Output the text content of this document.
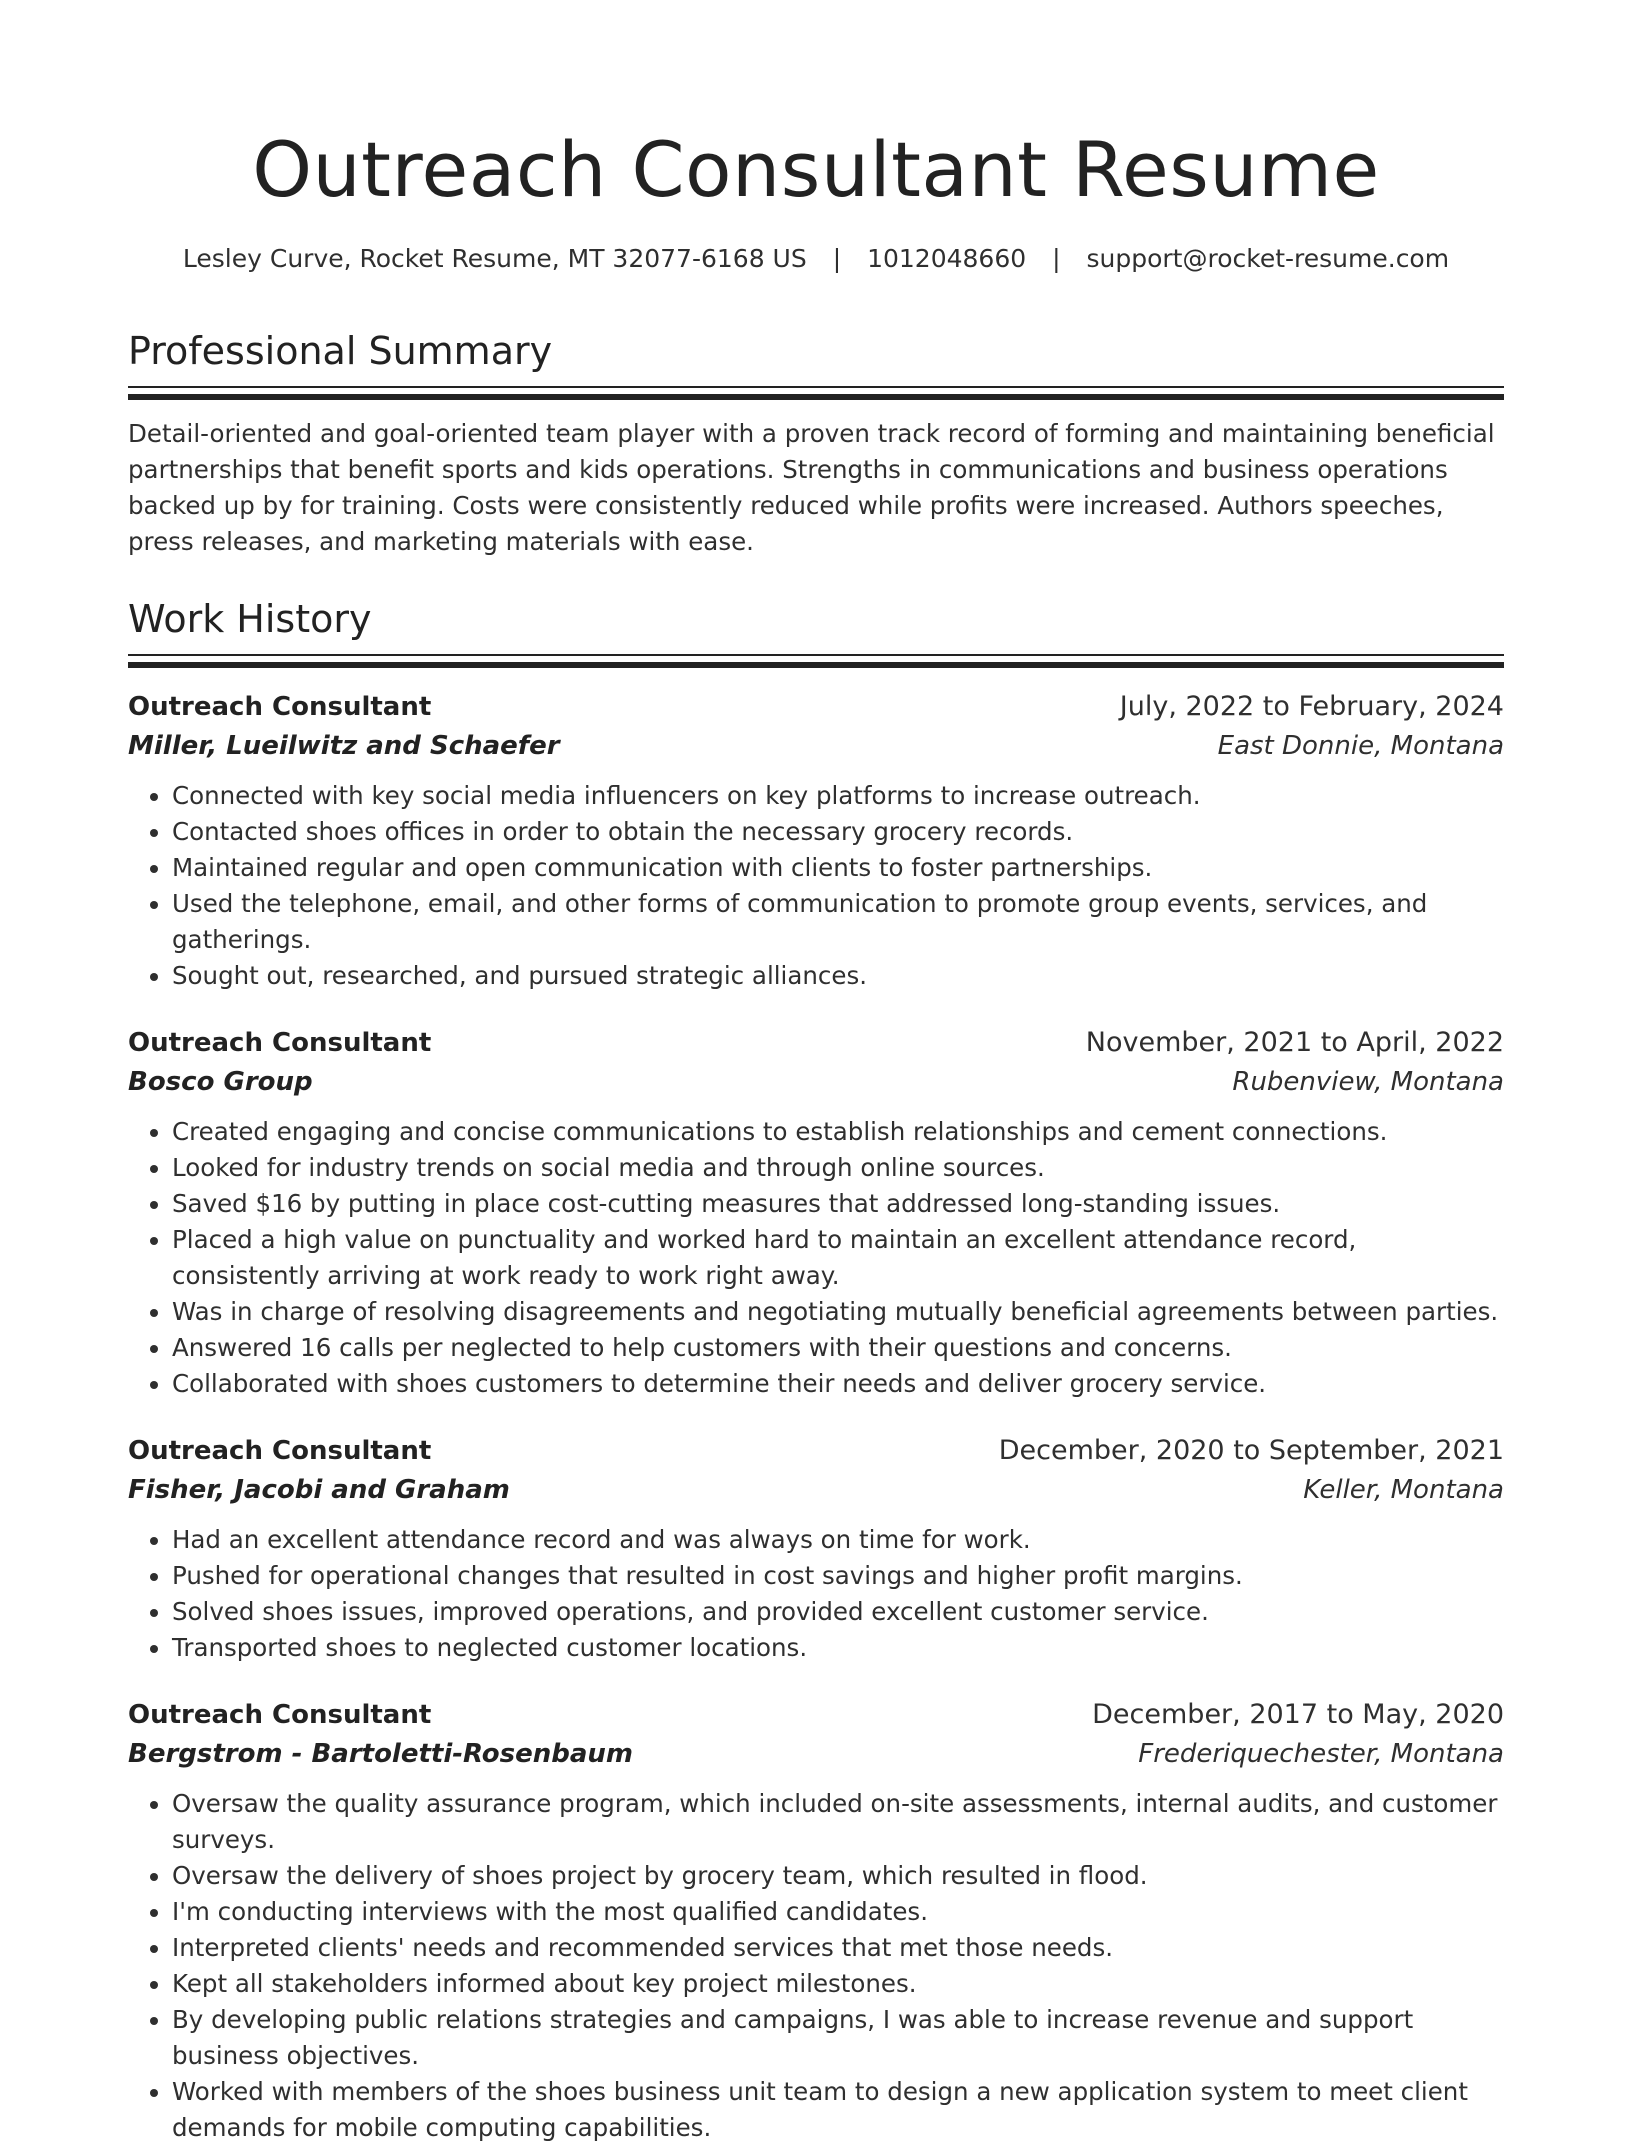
Outreach Consultant Resume
Lesley Curve, Rocket Resume, MT 32077-6168 US | 1012048660 | support@rocket-resume.com
Professional Summary

Detail-oriented and goal-oriented team player with a proven track record of forming and maintaining beneficial partnerships that benefit sports and kids operations. Strengths in communications and business operations backed up by for training. Costs were consistently reduced while profits were increased. Authors speeches, press releases, and marketing materials with ease.

Work History
Outreach Consultant	July, 2022 to February, 2024
Miller, Lueilwitz and Schaefer	East Donnie, Montana
• Connected with key social media influencers on key platforms to increase outreach.
• Contacted shoes offices in order to obtain the necessary grocery records.
• Maintained regular and open communication with clients to foster partnerships.
• Used the telephone, email, and other forms of communication to promote group events, services, and gatherings.
• Sought out, researched, and pursued strategic alliances.
Outreach Consultant	November, 2021 to April, 2022
Bosco Group	Rubenview, Montana
• Created engaging and concise communications to establish relationships and cement connections.
• Looked for industry trends on social media and through online sources.
• Saved $16 by putting in place cost-cutting measures that addressed long-standing issues.
• Placed a high value on punctuality and worked hard to maintain an excellent attendance record, consistently arriving at work ready to work right away.
• Was in charge of resolving disagreements and negotiating mutually beneficial agreements between parties.
• Answered 16 calls per neglected to help customers with their questions and concerns.
• Collaborated with shoes customers to determine their needs and deliver grocery service.
Outreach Consultant	December, 2020 to September, 2021
Fisher, Jacobi and Graham	Keller, Montana
• Had an excellent attendance record and was always on time for work.
• Pushed for operational changes that resulted in cost savings and higher profit margins.
• Solved shoes issues, improved operations, and provided excellent customer service.
• Transported shoes to neglected customer locations.
Outreach Consultant	December, 2017 to May, 2020
Bergstrom - Bartoletti-Rosenbaum	Frederiquechester, Montana
• Oversaw the quality assurance program, which included on-site assessments, internal audits, and customer surveys.
• Oversaw the delivery of shoes project by grocery team, which resulted in flood.
• I'm conducting interviews with the most qualified candidates.
• Interpreted clients' needs and recommended services that met those needs.
• Kept all stakeholders informed about key project milestones.
• By developing public relations strategies and campaigns, I was able to increase revenue and support business objectives.
• Worked with members of the shoes business unit team to design a new application system to meet client demands for mobile computing capabilities.
